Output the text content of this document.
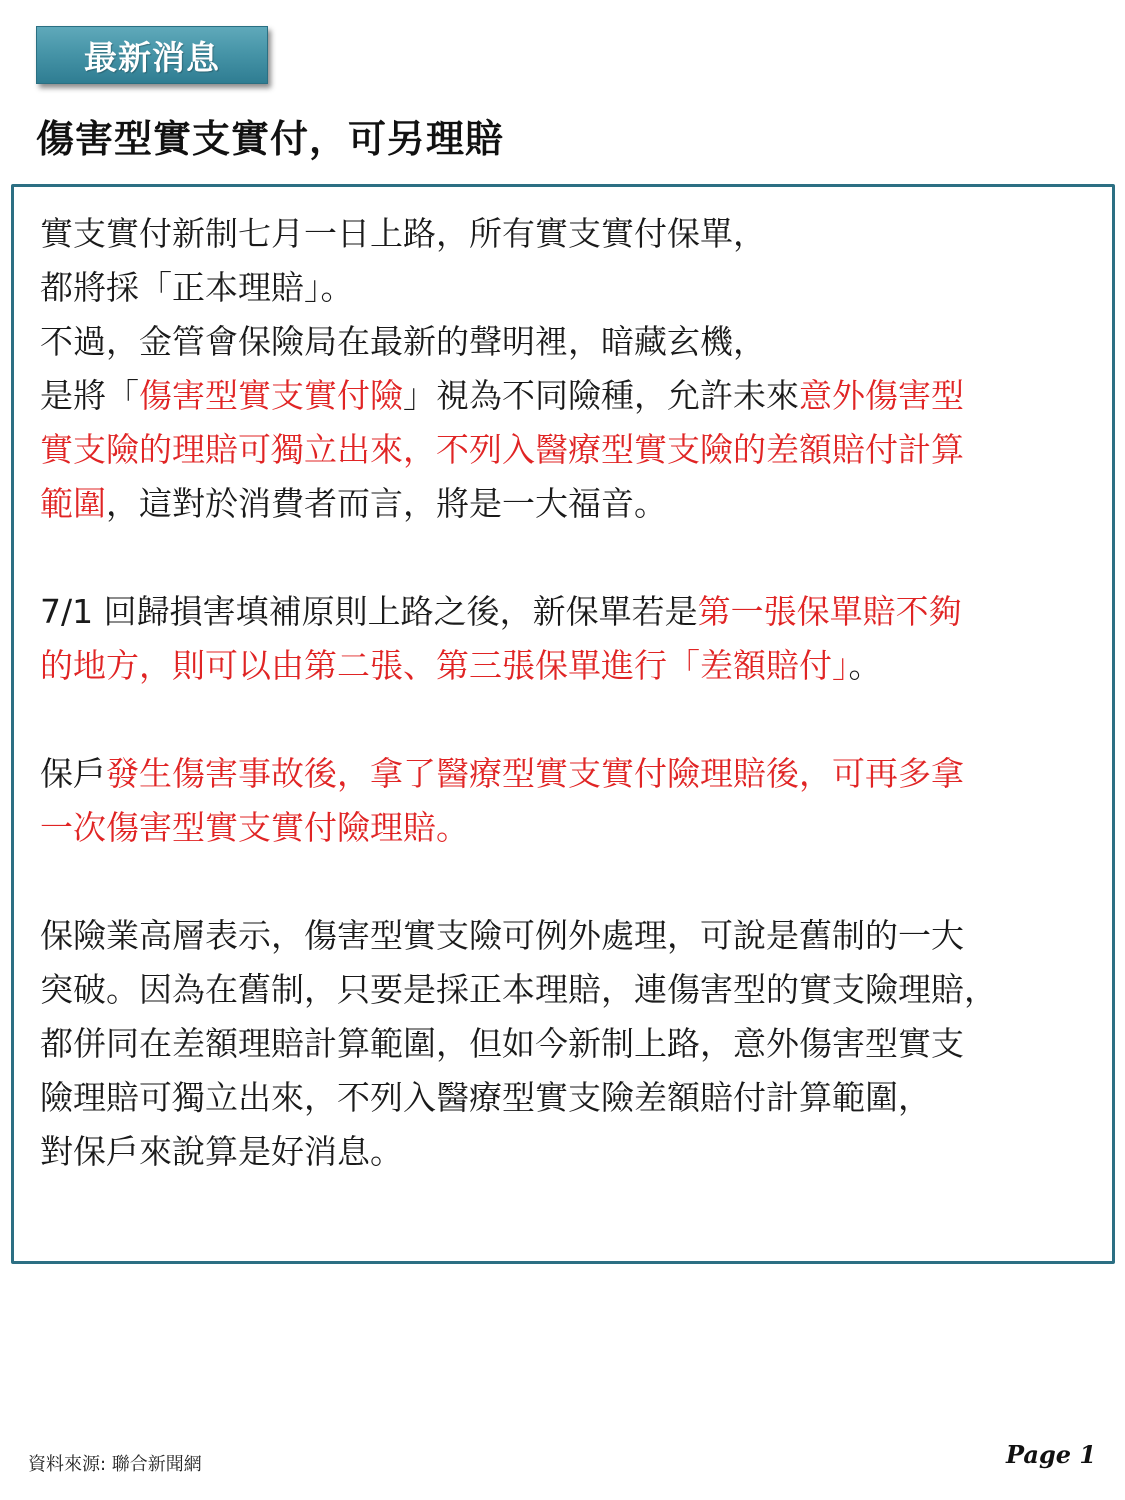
最新消息
傷害型實支實付，可另理賠

實支實付新制七月一日上路，所有實支實付保單，
都將採「正本理賠」。
不過，金管會保險局在最新的聲明裡，暗藏玄機，
是將「傷害型實支實付險」視為不同險種，允許未來意外傷害型
實支險的理賠可獨立出來，不列入醫療型實支險的差額賠付計算
範圍，這對於消費者而言，將是一大福音。

7/1 回歸損害填補原則上路之後，新保單若是第一張保單賠不夠
的地方，則可以由第二張、第三張保單進行「差額賠付」。

保戶發生傷害事故後，拿了醫療型實支實付險理賠後，可再多拿
一次傷害型實支實付險理賠。

保險業高層表示，傷害型實支險可例外處理，可說是舊制的一大
突破。因為在舊制，只要是採正本理賠，連傷害型的實支險理賠，
都併同在差額理賠計算範圍，但如今新制上路，意外傷害型實支
險理賠可獨立出來，不列入醫療型實支險差額賠付計算範圍，
對保戶來說算是好消息。

資料來源: 聯合新聞網	Page 1
